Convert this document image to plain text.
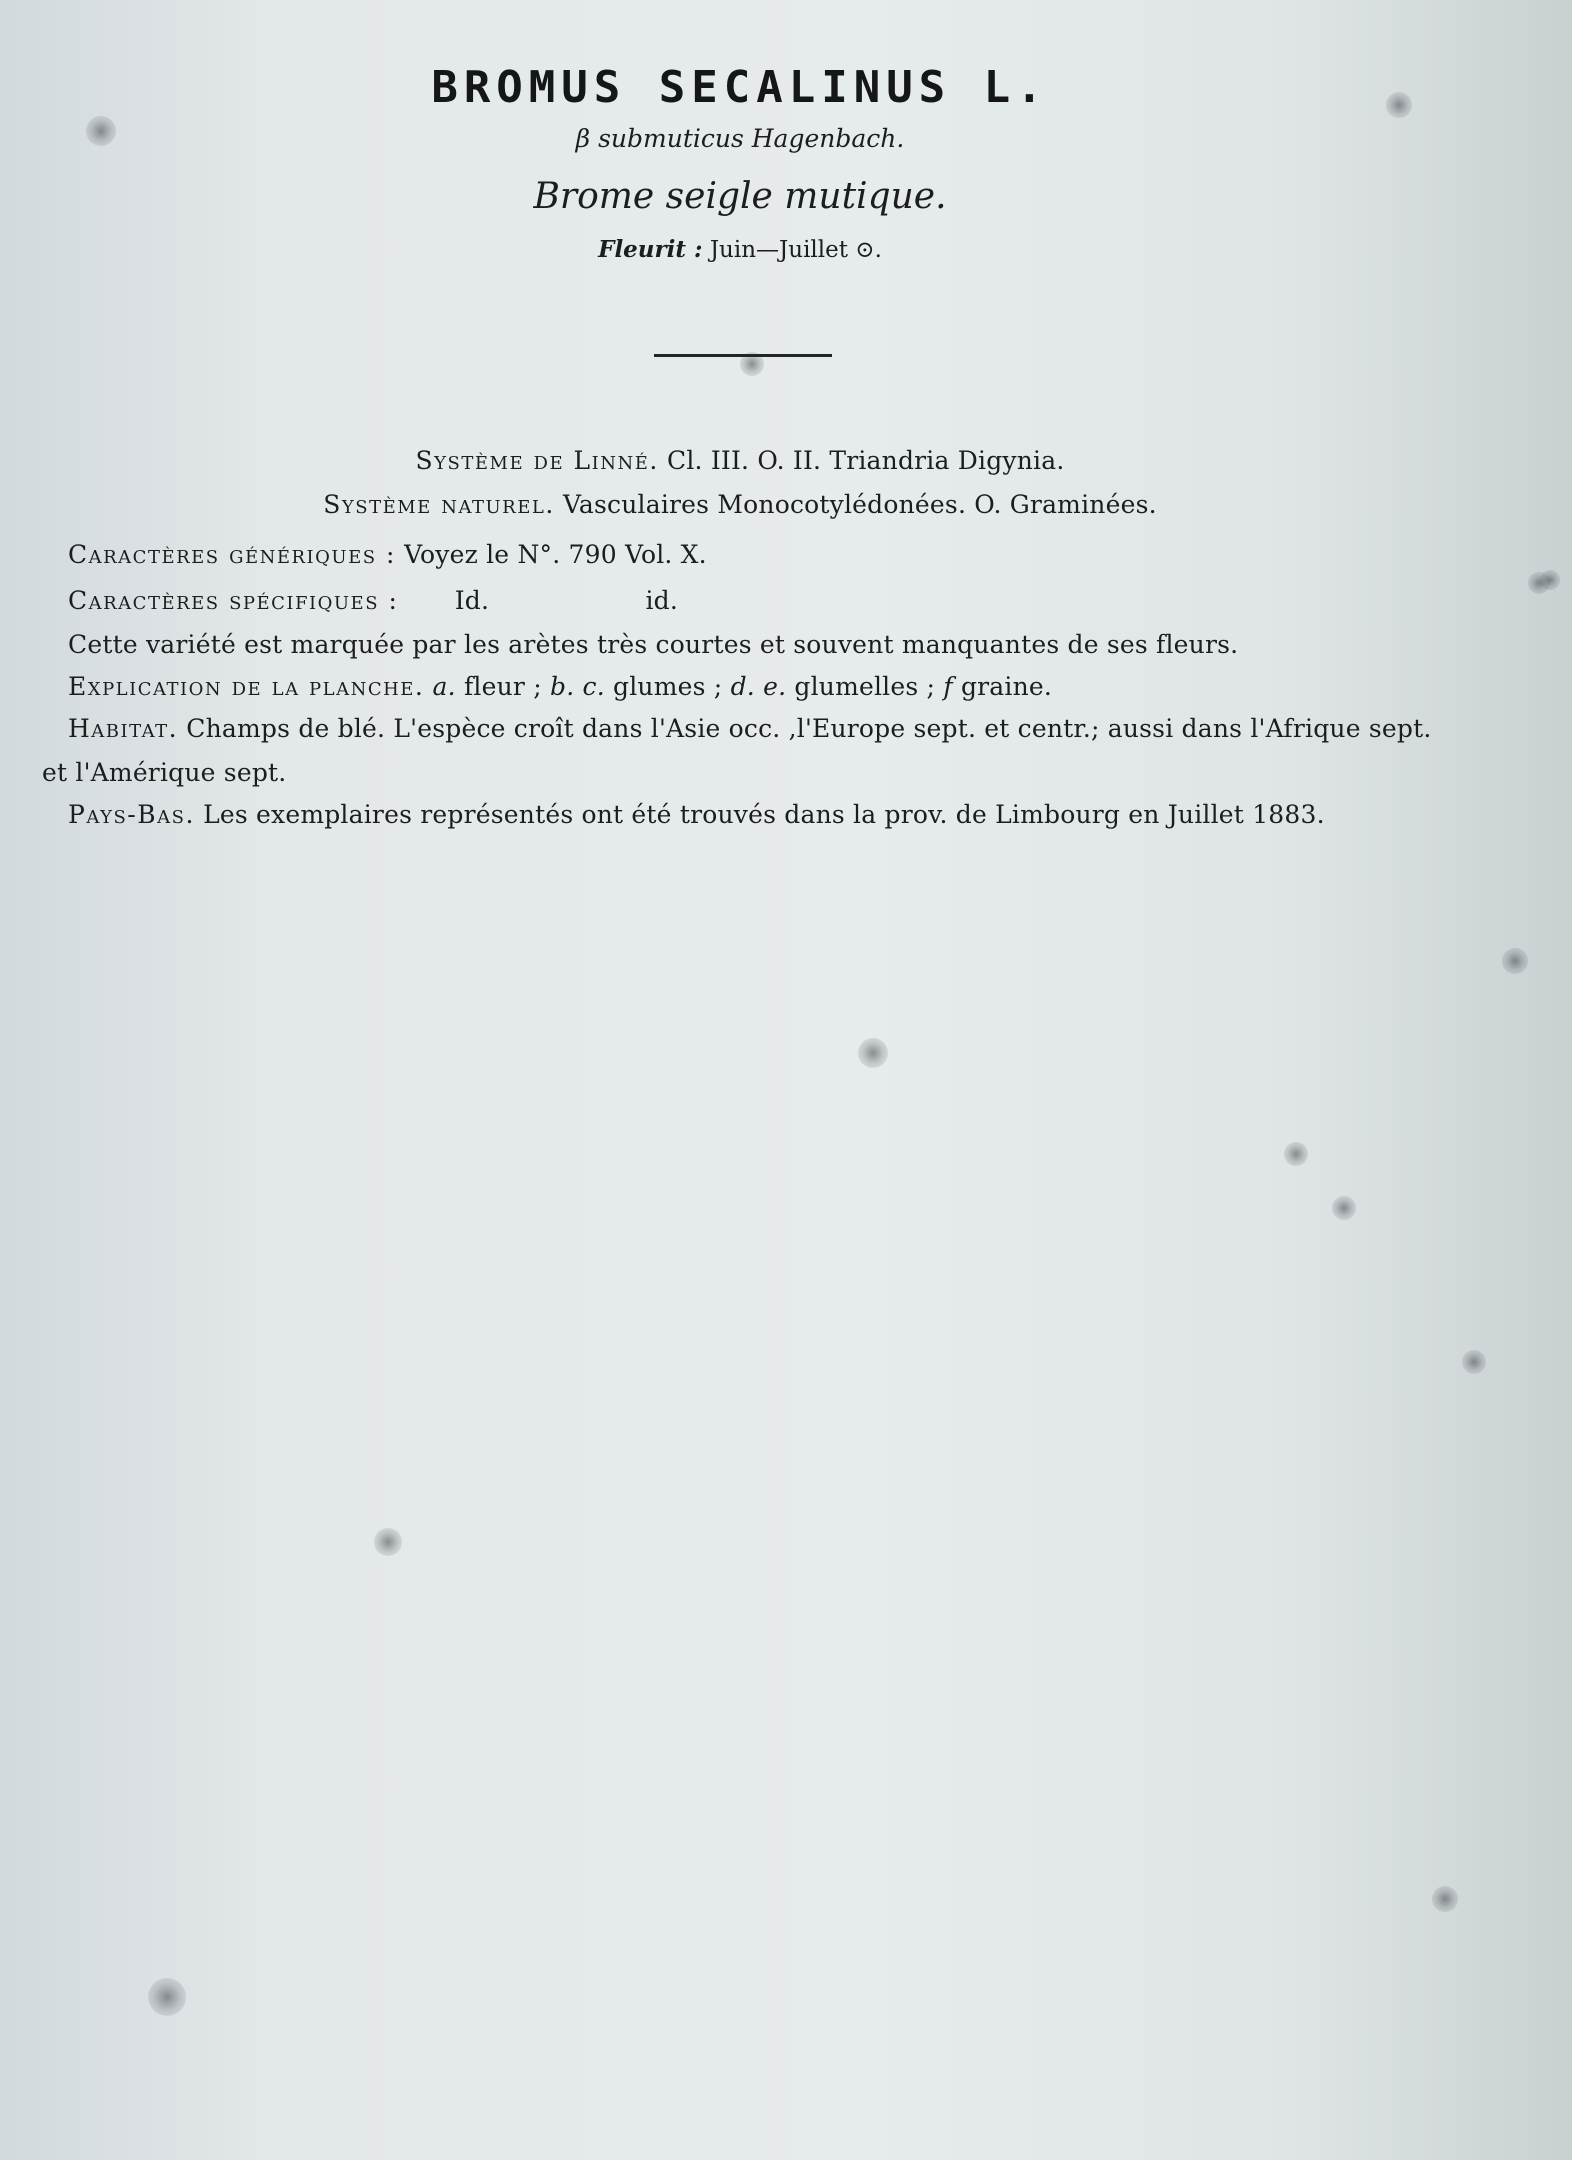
BROMUS SECALINUS L.
β submuticus Hagenbach.
Brome seigle mutique.
Fleurit : Juin—Juillet ⊙.
Système de Linné. Cl. III. O. II. Triandria Digynia.
Système naturel. Vasculaires Monocotylédonées. O. Graminées.
Caractères génériques : Voyez le N°. 790 Vol. X.
Caractères spécifiques : Id.	id.
Cette variété est marquée par les arètes très courtes et souvent manquantes de ses fleurs.
Explication de la planche. a. fleur ; b. c. glumes ; d. e. glumelles ; f graine.
Habitat. Champs de blé. L'espèce croît dans l'Asie occ. ,l'Europe sept. et centr.; aussi dans l'Afrique sept.
et l'Amérique sept.
Pays-Bas. Les exemplaires représentés ont été trouvés dans la prov. de Limbourg en Juillet 1883.
